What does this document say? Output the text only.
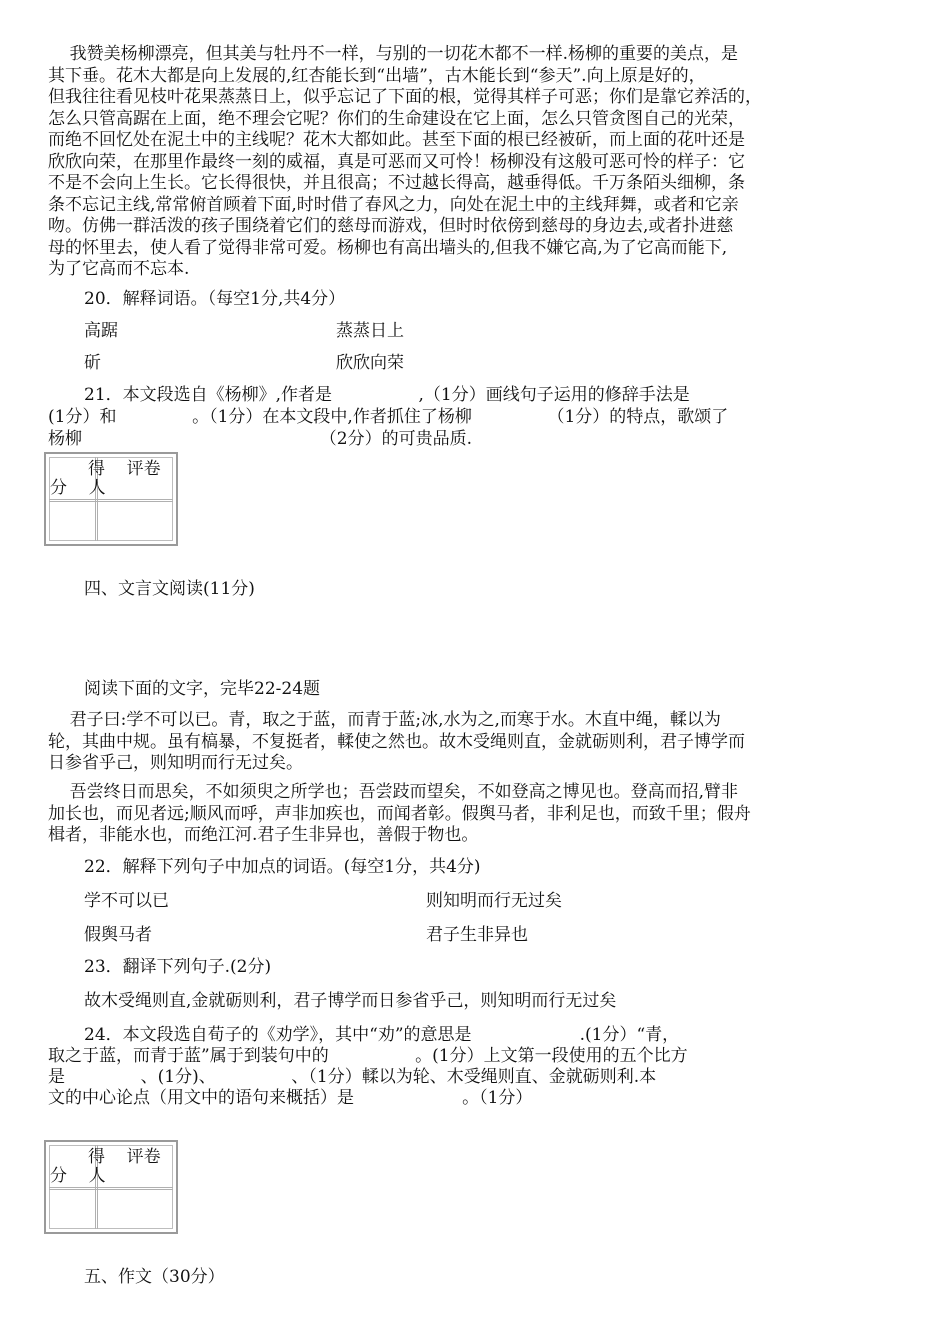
我赞美杨柳漂亮，但其美与牡丹不一样，与别的一切花木都不一样.杨柳的重要的美点，是
其下垂。花木大都是向上发展的,红杏能长到“出墙”，古木能长到“参天”.向上原是好的，
但我往往看见枝叶花果蒸蒸日上，似乎忘记了下面的根，觉得其样子可恶；你们是靠它养活的，
怎么只管高踞在上面，绝不理会它呢？你们的生命建设在它上面，怎么只管贪图自己的光荣，
而绝不回忆处在泥土中的主线呢？花木大都如此。甚至下面的根已经被斫，而上面的花叶还是
欣欣向荣，在那里作最终一刻的威福，真是可恶而又可怜！杨柳没有这般可恶可怜的样子：它
不是不会向上生长。它长得很快，并且很高；不过越长得高，越垂得低。千万条陌头细柳，条
条不忘记主线,常常俯首顾着下面,时时借了春风之力，向处在泥土中的主线拜舞，或者和它亲
吻。仿佛一群活泼的孩子围绕着它们的慈母而游戏，但时时依傍到慈母的身边去,或者扑进慈
母的怀里去，使人看了觉得非常可爱。杨柳也有高出墙头的,但我不嫌它高,为了它高而能下,
为了它高而不忘本.
20．解释词语。（每空1分,共4分）
高踞	蒸蒸日上
斫	欣欣向荣
21．本文段选自《杨柳》,作者是                ,（1分）画线句子运用的修辞手法是
(1分）和              。（1分）在本文段中,作者抓住了杨柳              （1分）的特点，歌颂了
杨柳                                            （2分）的可贵品质.
得    评卷
分    人
四、文言文阅读(11分)
阅读下面的文字，完毕22-24题
君子曰:学不可以已。青，取之于蓝，而青于蓝;冰,水为之,而寒于水。木直中绳，輮以为
轮，其曲中规。虽有槁暴，不复挺者，輮使之然也。故木受绳则直，金就砺则利，君子博学而
日参省乎己，则知明而行无过矣。
吾尝终日而思矣，不如须臾之所学也；吾尝跂而望矣，不如登高之博见也。登高而招,臂非
加长也，而见者远;顺风而呼，声非加疾也，而闻者彰。假舆马者，非利足也，而致千里；假舟
楫者，非能水也，而绝江河.君子生非异也，善假于物也。
22．解释下列句子中加点的词语。(每空1分，共4分)
学不可以已	则知明而行无过矣
假舆马者	君子生非异也
23．翻译下列句子.(2分)
故木受绳则直,金就砺则利，君子博学而日参省乎己，则知明而行无过矣
24．本文段选自荀子的《劝学》，其中“劝”的意思是                    .(1分）“青，
取之于蓝，而青于蓝”属于到装句中的                。(1分）上文第一段使用的五个比方
是              、(1分)、              、（1分）輮以为轮、木受绳则直、金就砺则利.本
文的中心论点（用文中的语句来概括）是                    。（1分）
得    评卷
分    人
五、作文（30分）
